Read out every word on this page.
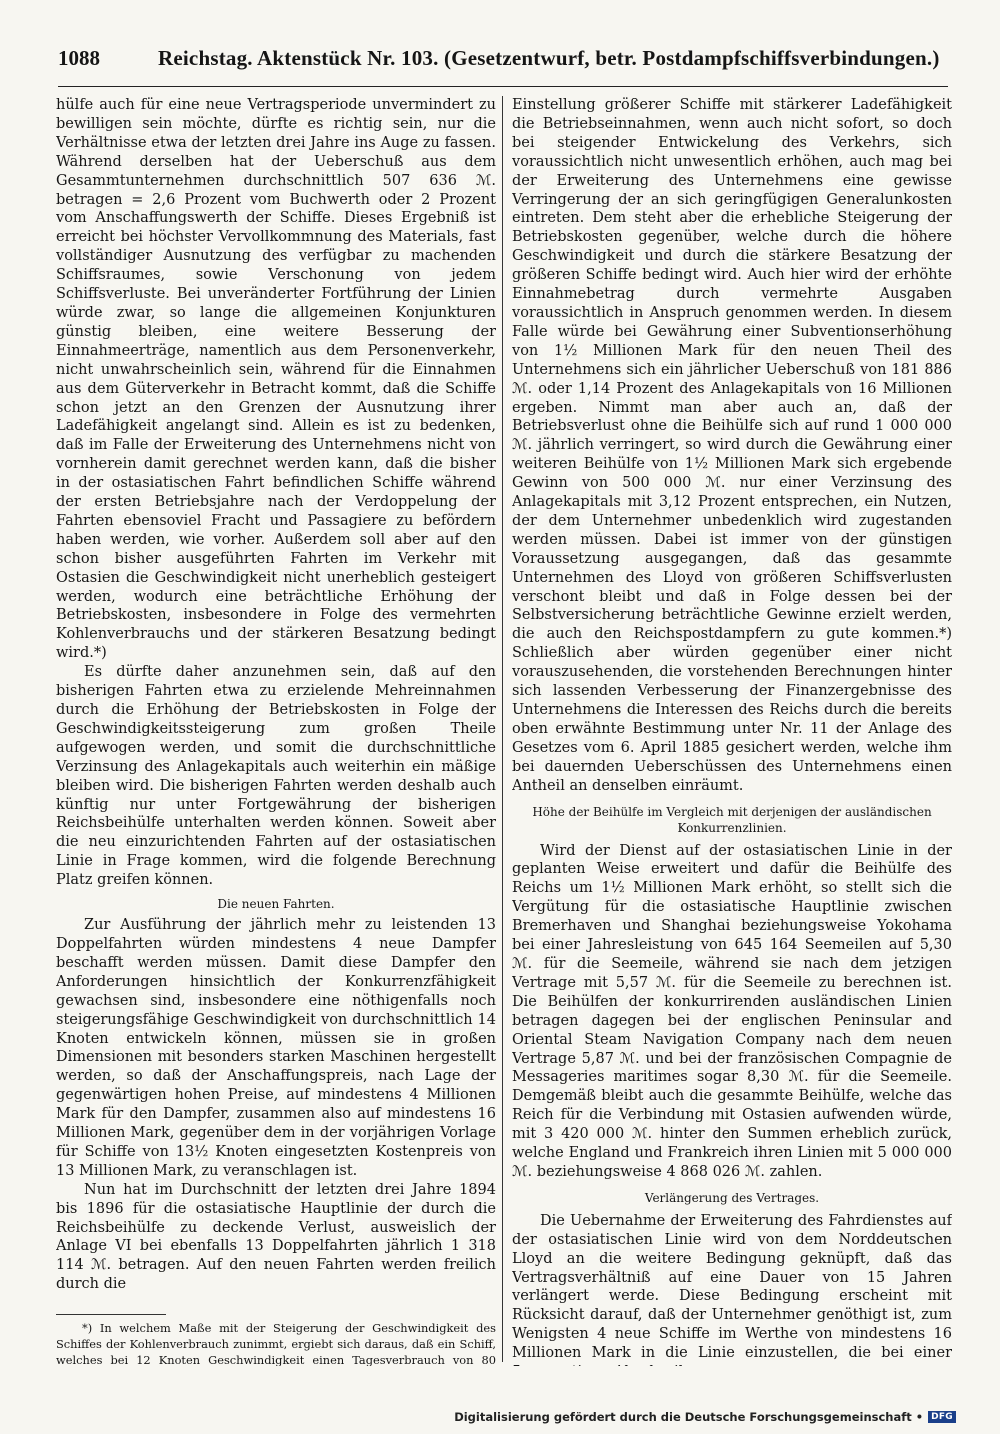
1088	Reichstag. Aktenstück Nr. 103. (Gesetzentwurf, betr. Postdampfschiffsverbindungen.)

hülfe auch für eine neue Vertragsperiode unvermindert zu bewilligen sein möchte, dürfte es richtig sein, nur die Verhältnisse etwa der letzten drei Jahre ins Auge zu fassen. Während derselben hat der Ueberschuß aus dem Gesammtunternehmen durchschnittlich 507 636 ℳ. betragen = 2,6 Prozent vom Buchwerth oder 2 Prozent vom Anschaffungswerth der Schiffe. Dieses Ergebniß ist erreicht bei höchster Vervollkommnung des Materials, fast vollständiger Ausnutzung des verfügbar zu machenden Schiffsraumes, sowie Verschonung von jedem Schiffsverluste. Bei unveränderter Fortführung der Linien würde zwar, so lange die allgemeinen Konjunkturen günstig bleiben, eine weitere Besserung der Einnahmeerträge, namentlich aus dem Personenverkehr, nicht unwahrscheinlich sein, während für die Einnahmen aus dem Güterverkehr in Betracht kommt, daß die Schiffe schon jetzt an den Grenzen der Ausnutzung ihrer Ladefähigkeit angelangt sind. Allein es ist zu bedenken, daß im Falle der Erweiterung des Unternehmens nicht von vornherein damit gerechnet werden kann, daß die bisher in der ostasiatischen Fahrt befindlichen Schiffe während der ersten Betriebsjahre nach der Verdoppelung der Fahrten ebensoviel Fracht und Passagiere zu befördern haben werden, wie vorher. Außerdem soll aber auf den schon bisher ausgeführten Fahrten im Verkehr mit Ostasien die Geschwindigkeit nicht unerheblich gesteigert werden, wodurch eine beträchtliche Erhöhung der Betriebskosten, insbesondere in Folge des vermehrten Kohlenverbrauchs und der stärkeren Besatzung bedingt wird.*)

Es dürfte daher anzunehmen sein, daß auf den bisherigen Fahrten etwa zu erzielende Mehreinnahmen durch die Erhöhung der Betriebskosten in Folge der Geschwindigkeitssteigerung zum großen Theile aufgewogen werden, und somit die durchschnittliche Verzinsung des Anlagekapitals auch weiterhin ein mäßige bleiben wird. Die bisherigen Fahrten werden deshalb auch künftig nur unter Fortgewährung der bisherigen Reichsbeihülfe unterhalten werden können. Soweit aber die neu einzurichtenden Fahrten auf der ostasiatischen Linie in Frage kommen, wird die folgende Berechnung Platz greifen können.

Die neuen Fahrten.

Zur Ausführung der jährlich mehr zu leistenden 13 Doppelfahrten würden mindestens 4 neue Dampfer beschafft werden müssen. Damit diese Dampfer den Anforderungen hinsichtlich der Konkurrenzfähigkeit gewachsen sind, insbesondere eine nöthigenfalls noch steigerungsfähige Geschwindigkeit von durchschnittlich 14 Knoten entwickeln können, müssen sie in großen Dimensionen mit besonders starken Maschinen hergestellt werden, so daß der Anschaffungspreis, nach Lage der gegenwärtigen hohen Preise, auf mindestens 4 Millionen Mark für den Dampfer, zusammen also auf mindestens 16 Millionen Mark, gegenüber dem in der vorjährigen Vorlage für Schiffe von 13½ Knoten eingesetzten Kostenpreis von 13 Millionen Mark, zu veranschlagen ist.

Nun hat im Durchschnitt der letzten drei Jahre 1894 bis 1896 für die ostasiatische Hauptlinie der durch die Reichsbeihülfe zu deckende Verlust, ausweislich der Anlage VI bei ebenfalls 13 Doppelfahrten jährlich 1 318 114 ℳ. betragen. Auf den neuen Fahrten werden freilich durch die

*) In welchem Maße mit der Steigerung der Geschwindigkeit des Schiffes der Kohlenverbrauch zunimmt, ergiebt sich daraus, daß ein Schiff, welches bei 12 Knoten Geschwindigkeit einen Tagesverbrauch von 80

Einstellung größerer Schiffe mit stärkerer Ladefähigkeit die Betriebseinnahmen, wenn auch nicht sofort, so doch bei steigender Entwickelung des Verkehrs, sich voraussichtlich nicht unwesentlich erhöhen, auch mag bei der Erweiterung des Unternehmens eine gewisse Verringerung der an sich geringfügigen Generalunkosten eintreten. Dem steht aber die erhebliche Steigerung der Betriebskosten gegenüber, welche durch die höhere Geschwindigkeit und durch die stärkere Besatzung der größeren Schiffe bedingt wird. Auch hier wird der erhöhte Einnahmebetrag durch vermehrte Ausgaben voraussichtlich in Anspruch genommen werden. In diesem Falle würde bei Gewährung einer Subventionserhöhung von 1½ Millionen Mark für den neuen Theil des Unternehmens sich ein jährlicher Ueberschuß von 181 886 ℳ. oder 1,14 Prozent des Anlagekapitals von 16 Millionen ergeben. Nimmt man aber auch an, daß der Betriebsverlust ohne die Beihülfe sich auf rund 1 000 000 ℳ. jährlich verringert, so wird durch die Gewährung einer weiteren Beihülfe von 1½ Millionen Mark sich ergebende Gewinn von 500 000 ℳ. nur einer Verzinsung des Anlagekapitals mit 3,12 Prozent entsprechen, ein Nutzen, der dem Unternehmer unbedenklich wird zugestanden werden müssen. Dabei ist immer von der günstigen Voraussetzung ausgegangen, daß das gesammte Unternehmen des Lloyd von größeren Schiffsverlusten verschont bleibt und daß in Folge dessen bei der Selbstversicherung beträchtliche Gewinne erzielt werden, die auch den Reichspostdampfern zu gute kommen.*) Schließlich aber würden gegenüber einer nicht vorauszusehenden, die vorstehenden Berechnungen hinter sich lassenden Verbesserung der Finanzergebnisse des Unternehmens die Interessen des Reichs durch die bereits oben erwähnte Bestimmung unter Nr. 11 der Anlage des Gesetzes vom 6. April 1885 gesichert werden, welche ihm bei dauernden Ueberschüssen des Unternehmens einen Antheil an denselben einräumt.

Höhe der Beihülfe im Vergleich mit derjenigen der ausländischen Konkurrenzlinien.

Wird der Dienst auf der ostasiatischen Linie in der geplanten Weise erweitert und dafür die Beihülfe des Reichs um 1½ Millionen Mark erhöht, so stellt sich die Vergütung für die ostasiatische Hauptlinie zwischen Bremerhaven und Shanghai beziehungsweise Yokohama bei einer Jahresleistung von 645 164 Seemeilen auf 5,30 ℳ. für die Seemeile, während sie nach dem jetzigen Vertrage mit 5,57 ℳ. für die Seemeile zu berechnen ist. Die Beihülfen der konkurrirenden ausländischen Linien betragen dagegen bei der englischen Peninsular and Oriental Steam Navigation Company nach dem neuen Vertrage 5,87 ℳ. und bei der französischen Compagnie de Messageries maritimes sogar 8,30 ℳ. für die Seemeile. Demgemäß bleibt auch die gesammte Beihülfe, welche das Reich für die Verbindung mit Ostasien aufwenden würde, mit 3 420 000 ℳ. hinter den Summen erheblich zurück, welche England und Frankreich ihren Linien mit 5 000 000 ℳ. beziehungsweise 4 868 026 ℳ. zahlen.

Verlängerung des Vertrages.

Die Uebernahme der Erweiterung des Fahrdienstes auf der ostasiatischen Linie wird von dem Norddeutschen Lloyd an die weitere Bedingung geknüpft, daß das Vertragsverhältniß auf eine Dauer von 15 Jahren verlängert werde. Diese Bedingung erscheint mit Rücksicht darauf, daß der Unternehmer genöthigt ist, zum Wenigsten 4 neue Schiffe im Werthe von mindestens 16 Millionen Mark in die Linie einzustellen, die bei einer

Digitalisierung gefördert durch die Deutsche Forschungsgemeinschaft • DFG
